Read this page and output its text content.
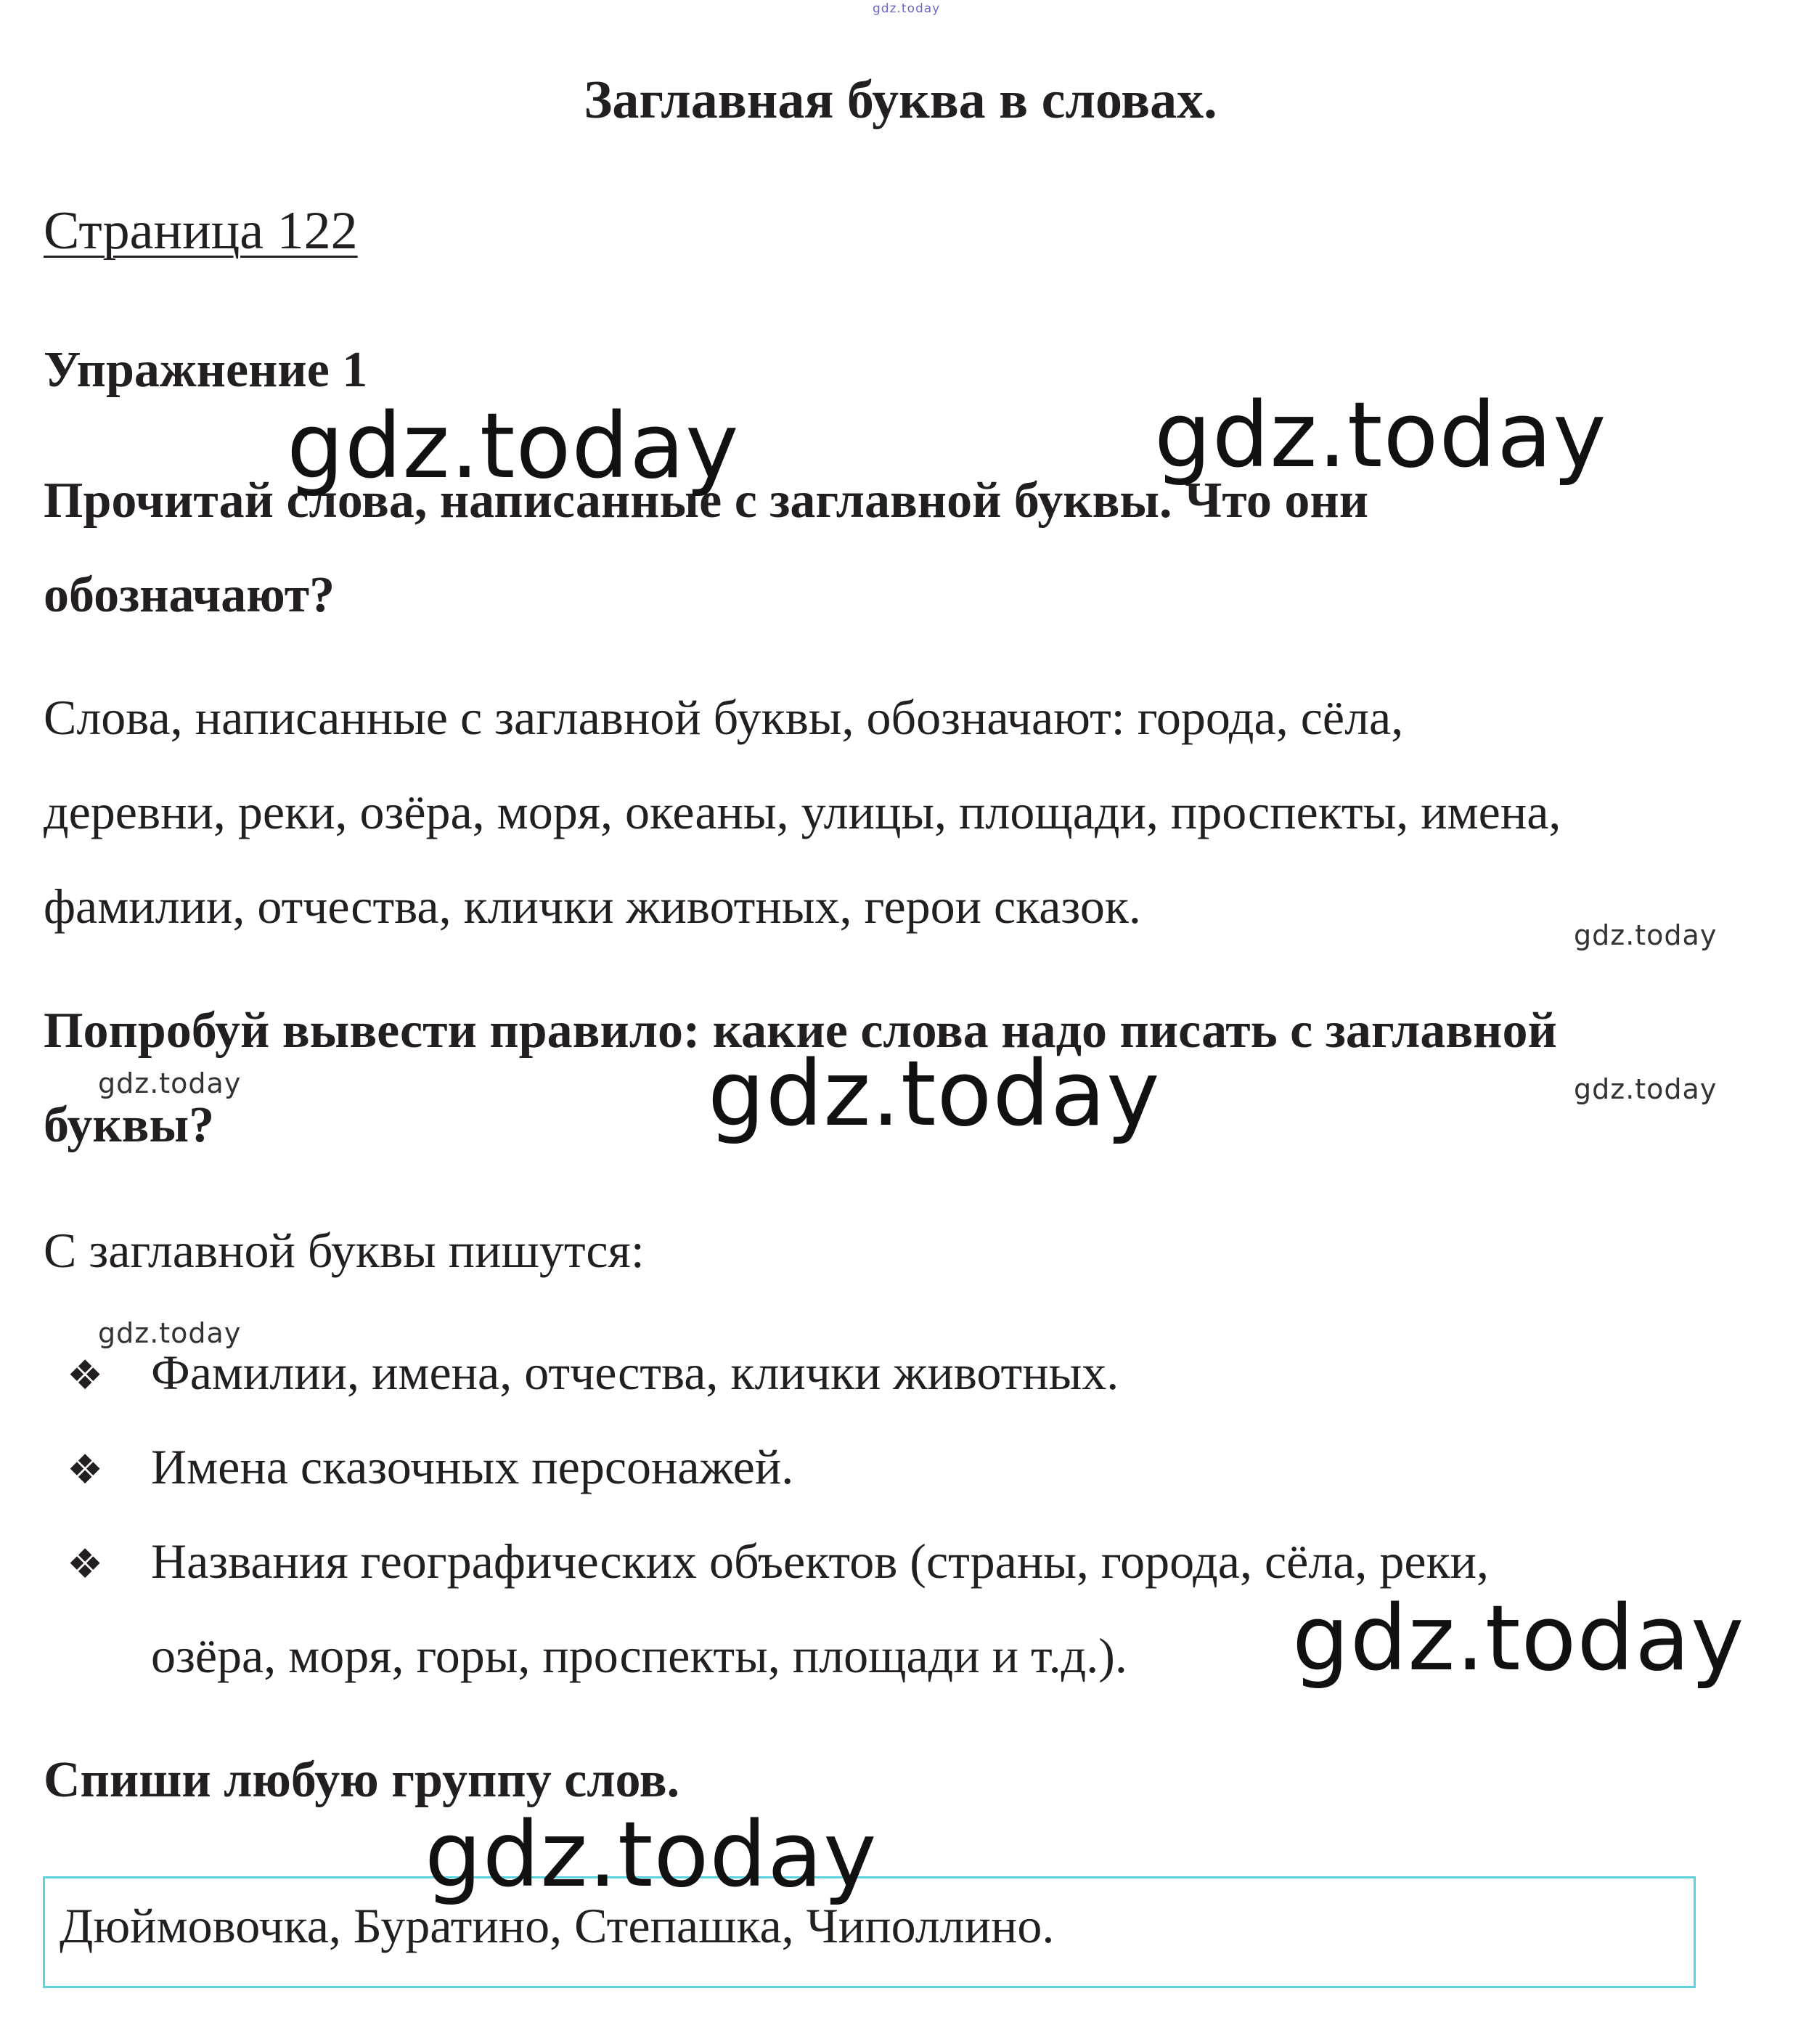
Заглавная буква в словах.
Страница 122
Упражнение 1
Прочитай слова, написанные с заглавной буквы. Что они
обозначают?
Слова, написанные с заглавной буквы, обозначают: города, сёла,
деревни, реки, озёра, моря, океаны, улицы, площади, проспекты, имена,
фамилии, отчества, клички животных, герои сказок.
Попробуй вывести правило: какие слова надо писать с заглавной
буквы?
С заглавной буквы пишутся:
❖ Фамилии, имена, отчества, клички животных.
❖ Имена сказочных персонажей.
❖ Названия географических объектов (страны, города, сёла, реки,
озёра, моря, горы, проспекты, площади и т.д.).
Спиши любую группу слов.
Дюймовочка, Буратино, Степашка, Чиполлино.
gdz.today
gdz.today	gdz.today
gdz.today
gdz.today
gdz.today	gdz.today
gdz.today
gdz.today
gdz.today
